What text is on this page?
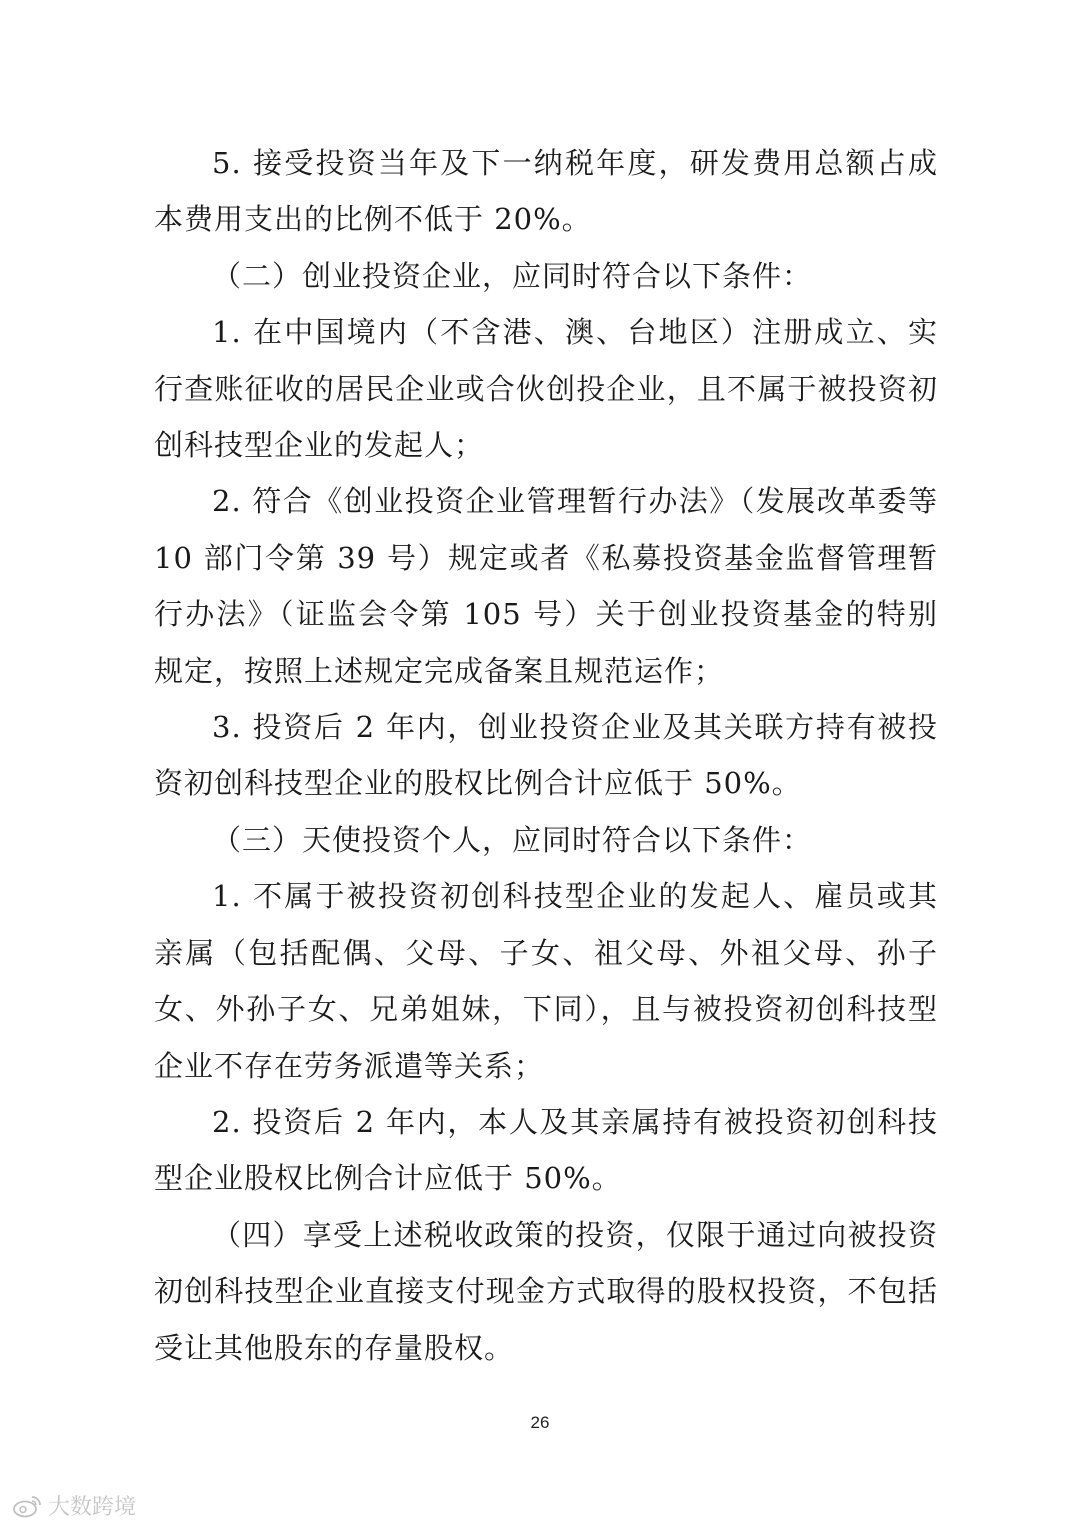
5. 接受投资当年及下一纳税年度，研发费用总额占成本费用支出的比例不低于 20%。

（二）创业投资企业，应同时符合以下条件：

1. 在中国境内（不含港、澳、台地区）注册成立、实行查账征收的居民企业或合伙创投企业，且不属于被投资初创科技型企业的发起人；

2. 符合《创业投资企业管理暂行办法》（发展改革委等 10 部门令第 39 号）规定或者《私募投资基金监督管理暂行办法》（证监会令第 105 号）关于创业投资基金的特别规定，按照上述规定完成备案且规范运作；

3. 投资后 2 年内，创业投资企业及其关联方持有被投资初创科技型企业的股权比例合计应低于 50%。

（三）天使投资个人，应同时符合以下条件：

1. 不属于被投资初创科技型企业的发起人、雇员或其亲属（包括配偶、父母、子女、祖父母、外祖父母、孙子女、外孙子女、兄弟姐妹，下同），且与被投资初创科技型企业不存在劳务派遣等关系；

2. 投资后 2 年内，本人及其亲属持有被投资初创科技型企业股权比例合计应低于 50%。

（四）享受上述税收政策的投资，仅限于通过向被投资初创科技型企业直接支付现金方式取得的股权投资，不包括受让其他股东的存量股权。

26
大数跨境
